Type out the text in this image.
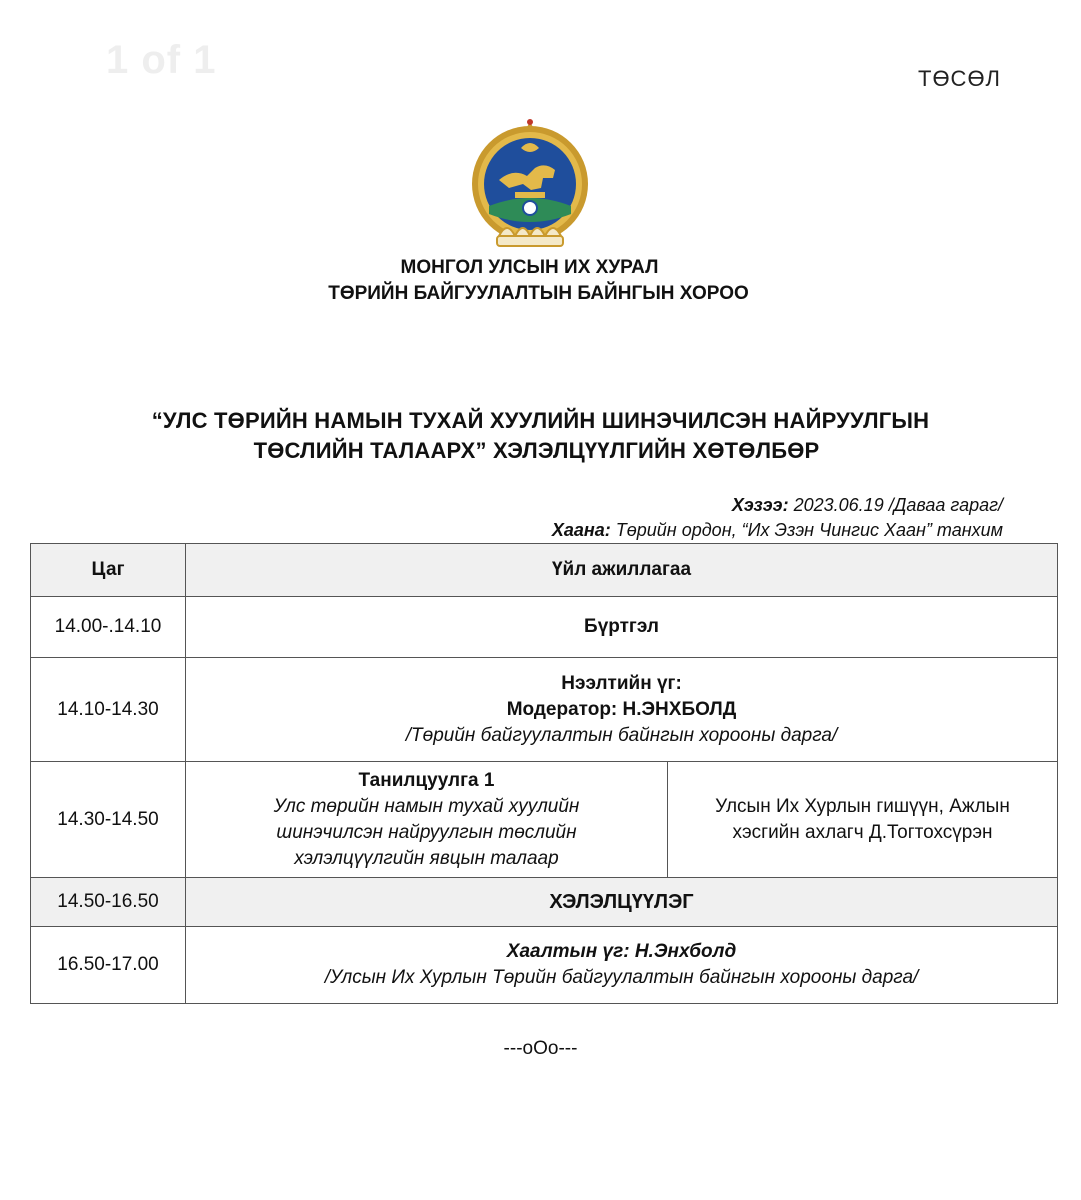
1 of 1	ТӨСӨЛ
МОНГОЛ УЛСЫН ИХ ХУРАЛ
ТӨРИЙН БАЙГУУЛАЛТЫН БАЙНГЫН ХОРОО
“УЛС ТӨРИЙН НАМЫН ТУХАЙ ХУУЛИЙН ШИНЭЧИЛСЭН НАЙРУУЛГЫН
ТӨСЛИЙН ТАЛААРХ” ХЭЛЭЛЦҮҮЛГИЙН ХӨТӨЛБӨР
Хэзээ: 2023.06.19 /Даваа гараг/
Хаана: Төрийн ордон, “Их Эзэн Чингис Хаан” танхим
Цаг	Үйл ажиллагаа	
14.00-.14.10	Бүртгэл	
14.10-14.30	Нээлтийн үг:
Модератор: Н.ЭНХБОЛД
/Төрийн байгуулалтын байнгын хорооны дарга/	

14.30-14.50	Танилцуулга 1
Улс төрийн намын тухай хуулийн
шинэчилсэн найруулгын төслийн
хэлэлцүүлгийн явцын талаар	Улсын Их Хурлын гишүүн, Ажлын
хэсгийн ахлагч Д.Тогтохсүрэн

14.50-16.50	ХЭЛЭЛЦҮҮЛЭГ	
16.50-17.00	Хаалтын үг: Н.Энхболд
/Улсын Их Хурлын Төрийн байгуулалтын байнгын хорооны дарга/	
---oOo---
